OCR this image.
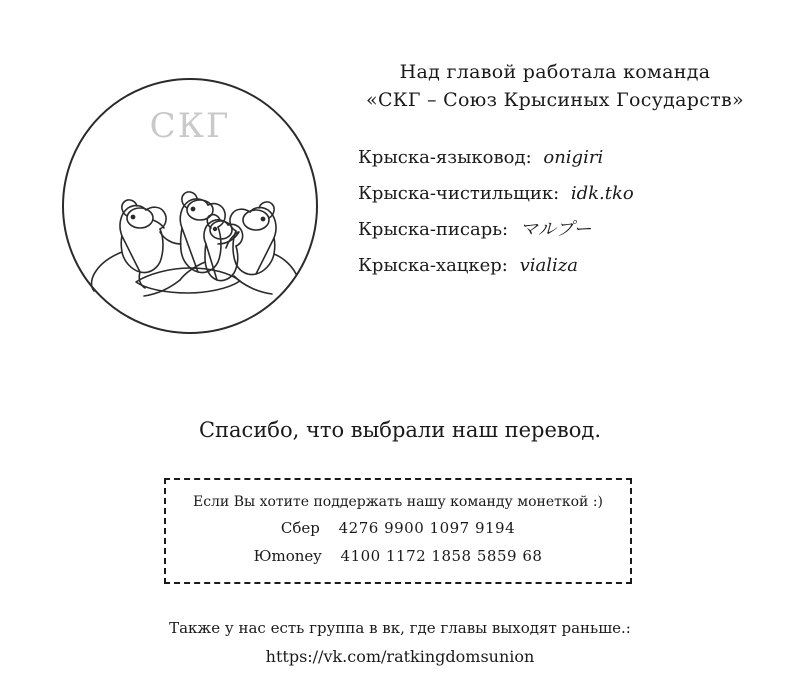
СКГ
Над главой работала команда
«СКГ – Союз Крысиных Государств»
Крыска-языковод: onigiri
Крыска-чистильщик: idk.tko
Крыска-писарь: マルプー
Крыска-хацкер: vializa
Спасибо, что выбрали наш перевод.
Если Вы хотите поддержать нашу команду монеткой :)
Сбер 4276 9900 1097 9194
Юmoney 4100 1172 1858 5859 68
Также у нас есть группа в вк, где главы выходят раньше.:
https://vk.com/ratkingdomsunion
